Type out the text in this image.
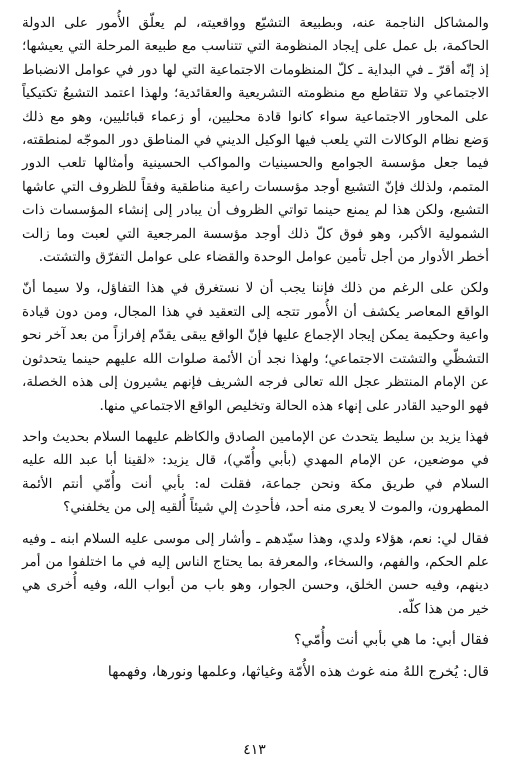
والمشاكل الناجمة عنه، وبطبيعة التشيّع وواقعيته، لم يعلّق الأُمور على الدولة الحاكمة، بل عمل على إيجاد المنظومة التي تتناسب مع طبيعة المرحلة التي يعيشها؛ إذ إنّه أقرّ ـ في البداية ـ كلّ المنظومات الاجتماعية التي لها دور في عوامل الانضباط الاجتماعي ولا تتقاطع مع منظومته التشريعية والعقائدية؛ ولهذا اعتمد التشيعُ تكتيكياً على المحاور الاجتماعية سواء كانوا قادة محليين، أو زعماء قبائليين، وهو مع ذلك وَضع نظام الوكالات التي يلعب فيها الوكيل الديني في المناطق دور الموجّه لمنطقته، فيما جعل مؤسسة الجوامع والحسينيات والمواكب الحسينية وأمثالها تلعب الدور المتمم، ولذلك فإنّ التشيع أوجد مؤسسات راعية مناطقية وفقاً للظروف التي عاشها التشيع، ولكن هذا لم يمنع حينما تواتي الظروف أن يبادر إلى إنشاء المؤسسات ذات الشمولية الأكبر، وهو فوق كلّ ذلك أوجد مؤسسة المرجعية التي لعبت وما زالت أخطر الأدوار من أجل تأمين عوامل الوحدة والقضاء على عوامل التفرّق والتشتت.

ولكن على الرغم من ذلك فإننا يجب أن لا نستغرق في هذا التفاؤل، ولا سيما أنّ الواقع المعاصر يكشف أن الأُمور تتجه إلى التعقيد في هذا المجال، ومن دون قيادة واعية وحكيمة يمكن إيجاد الإجماع عليها فإنّ الواقع يبقى يقدّم إفرازاً من بعد آخر نحو التشظّي والتشتت الاجتماعي؛ ولهذا نجد أن الأئمة صلوات الله عليهم حينما يتحدثون عن الإمام المنتظر عجل الله تعالى فرجه الشريف فإنهم يشيرون إلى هذه الخصلة، فهو الوحيد القادر على إنهاء هذه الحالة وتخليص الواقع الاجتماعي منها.

فهذا يزيد بن سليط يتحدث عن الإمامين الصادق والكاظم عليهما السلام بحديث واحد في موضعين، عن الإمام المهدي (بأبي وأُمّي)، قال يزيد: «لقينا أبا عبد الله عليه السلام في طريق مكة ونحن جماعة، فقلت له: بأبي أنت وأُمّي أنتم الأئمة المطهرون، والموت لا يعرى منه أحد، فأحدِث إلي شيئاً أُلقيه إلى من يخلفني؟

فقال لي: نعم، هؤلاء ولدي، وهذا سيّدهم ـ وأشار إلى موسى عليه السلام ابنه ـ وفيه علم الحكم، والفهم، والسخاء، والمعرفة بما يحتاج الناس إليه في ما اختلفوا من أمر دينهم، وفيه حسن الخلق، وحسن الجوار، وهو باب من أبواب الله، وفيه أُخرى هي خير من هذا كلّه.

فقال أبي: ما هي بأبي أنت وأُمّي؟

قال: يُخرج اللهُ منه غوث هذه الأُمّة وغياثها، وعلمها ونورها، وفهمها

٤١٣
